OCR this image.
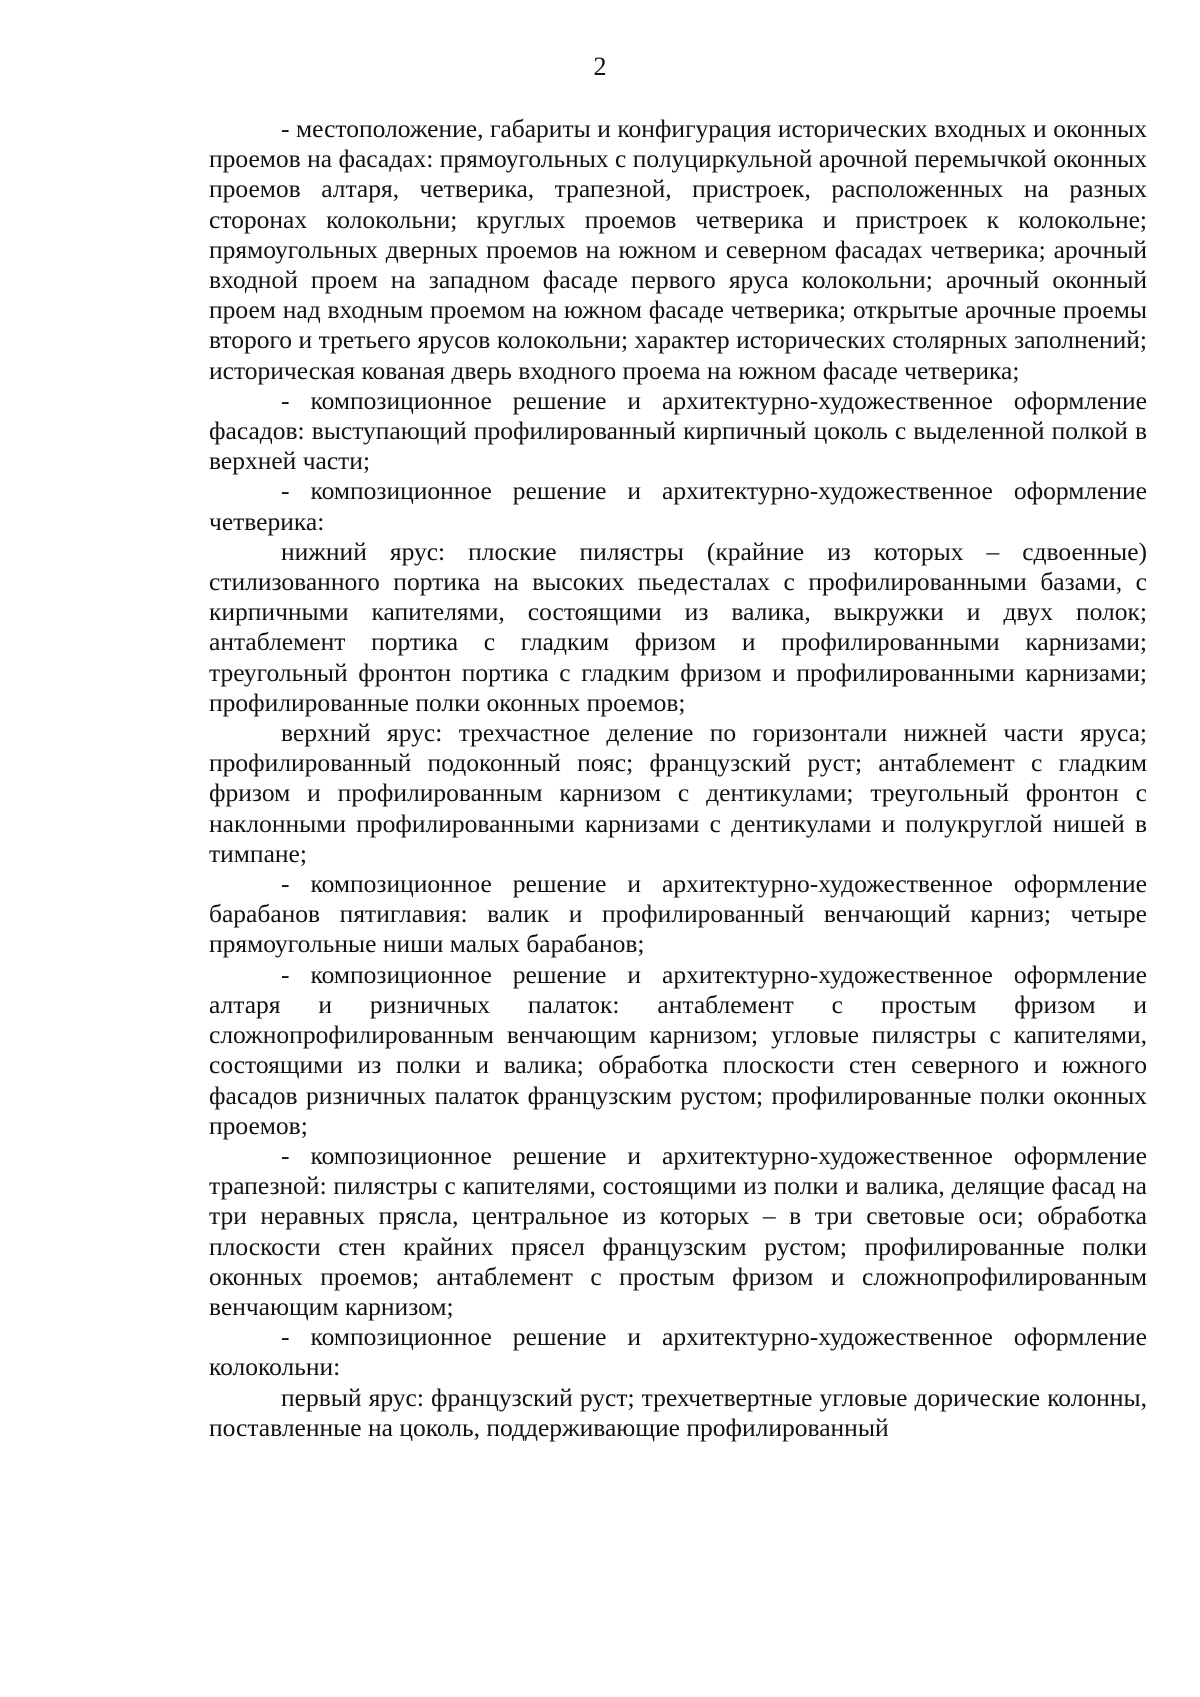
2

- местоположение, габариты и конфигурация исторических входных и оконных проемов на фасадах: прямоугольных с полуциркульной арочной перемычкой оконных проемов алтаря, четверика, трапезной, пристроек, расположенных на разных сторонах колокольни; круглых проемов четверика и пристроек к колокольне; прямоугольных дверных проемов на южном и северном фасадах четверика; арочный входной проем на западном фасаде первого яруса колокольни; арочный оконный проем над входным проемом на южном фасаде четверика; открытые арочные проемы второго и третьего ярусов колокольни; характер исторических столярных заполнений; историческая кованая дверь входного проема на южном фасаде четверика;

- композиционное решение и архитектурно-художественное оформление фасадов: выступающий профилированный кирпичный цоколь с выделенной полкой в верхней части;

- композиционное решение и архитектурно-художественное оформление четверика:

нижний ярус: плоские пилястры (крайние из которых – сдвоенные) стилизованного портика на высоких пьедесталах с профилированными базами, с кирпичными капителями, состоящими из валика, выкружки и двух полок; антаблемент портика с гладким фризом и профилированными карнизами; треугольный фронтон портика с гладким фризом и профилированными карнизами; профилированные полки оконных проемов;

верхний ярус: трехчастное деление по горизонтали нижней части яруса; профилированный подоконный пояс; французский руст; антаблемент с гладким фризом и профилированным карнизом с дентикулами; треугольный фронтон с наклонными профилированными карнизами с дентикулами и полукруглой нишей в тимпане;

- композиционное решение и архитектурно-художественное оформление барабанов пятиглавия: валик и профилированный венчающий карниз; четыре прямоугольные ниши малых барабанов;

- композиционное решение и архитектурно-художественное оформление алтаря и ризничных палаток: антаблемент с простым фризом и сложнопрофилированным венчающим карнизом; угловые пилястры с капителями, состоящими из полки и валика; обработка плоскости стен северного и южного фасадов ризничных палаток французским рустом; профилированные полки оконных проемов;

- композиционное решение и архитектурно-художественное оформление трапезной: пилястры с капителями, состоящими из полки и валика, делящие фасад на три неравных прясла, центральное из которых – в три световые оси; обработка плоскости стен крайних прясел французским рустом; профилированные полки оконных проемов; антаблемент с простым фризом и сложнопрофилированным венчающим карнизом;

- композиционное решение и архитектурно-художественное оформление колокольни:

первый ярус: французский руст; трехчетвертные угловые дорические колонны, поставленные на цоколь, поддерживающие профилированный
